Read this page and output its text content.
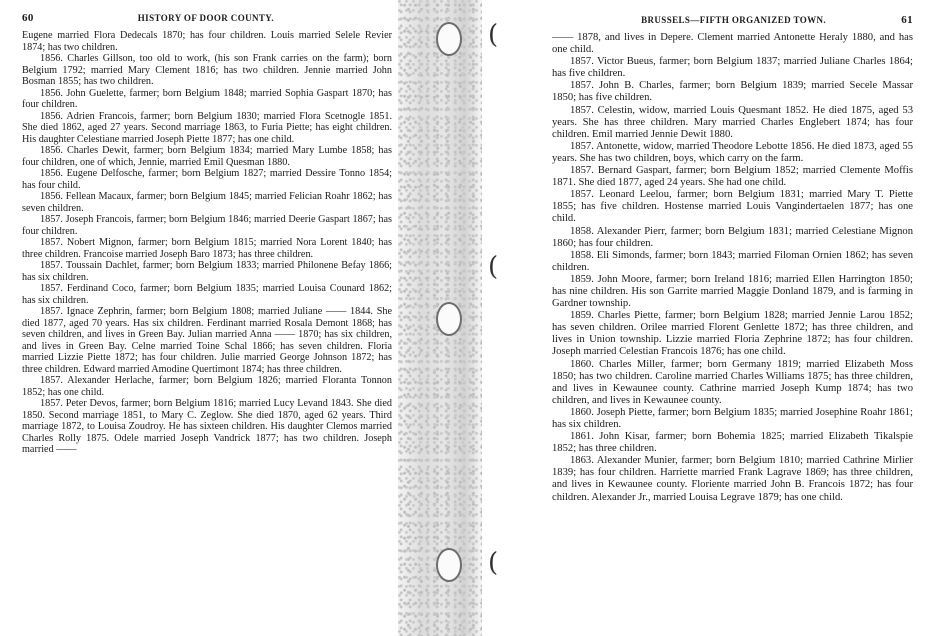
60	HISTORY OF DOOR COUNTY.

Eugene married Flora Dedecals 1870; has four children. Louis married Selele Revier 1874; has two children.

1856. Charles Gillson, too old to work, (his son Frank carries on the farm); born Belgium 1792; married Mary Clement 1816; has two children. Jennie married John Bosman 1855; has two children.

1856. John Guelette, farmer; born Belgium 1848; married Sophia Gaspart 1870; has four children.

1856. Adrien Francois, farmer; born Belgium 1830; married Flora Scetnogle 1851. She died 1862, aged 27 years. Second marriage 1863, to Furia Piette; has eight children. His daughter Celestiane married Joseph Piette 1877; has one child.

1856. Charles Dewit, farmer; born Belgium 1834; married Mary Lumbe 1858; has four children, one of which, Jennie, married Emil Quesman 1880.

1856. Eugene Delfosche, farmer; born Belgium 1827; married Dessire Tonno 1854; has four child.

1856. Fellean Macaux, farmer; born Belgium 1845; married Felician Roahr 1862; has seven children.

1857. Joseph Francois, farmer; born Belgium 1846; married Deerie Gaspart 1867; has four children.

1857. Nobert Mignon, farmer; born Belgium 1815; married Nora Lorent 1840; has three children. Francoise married Joseph Baro 1873; has three children.

1857. Toussain Dachlet, farmer; born Belgium 1833; married Philonene Befay 1866; has six children.

1857. Ferdinand Coco, farmer; born Belgium 1835; married Louisa Counard 1862; has six children.

1857. Ignace Zephrin, farmer; born Belgium 1808; married Juliane —— 1844. She died 1877, aged 70 years. Has six children. Ferdinant married Rosala Demont 1868; has seven children, and lives in Green Bay. Julian married Anna —— 1870; has six children, and lives in Green Bay. Celne married Toine Schal 1866; has seven children. Floria married Lizzie Piette 1872; has four children. Julie married George Johnson 1872; has three children. Edward married Amodine Quertimont 1874; has three children.

1857. Alexander Herlache, farmer; born Belgium 1826; married Floranta Tonnon 1852; has one child.

1857. Peter Devos, farmer; born Belgium 1816; married Lucy Levand 1843. She died 1850. Second marriage 1851, to Mary C. Zeglow. She died 1870, aged 62 years. Third marriage 1872, to Louisa Zoudroy. He has sixteen children. His daughter Clemos married Charles Rolly 1875. Odele married Joseph Vandrick 1877; has two children. Joseph married ——

(
(
(
BRUSSELS—FIFTH ORGANIZED TOWN.	61

—— 1878, and lives in Depere. Clement married Antonette Heraly 1880, and has one child.

1857. Victor Bueus, farmer; born Belgium 1837; married Juliane Charles 1864; has five children.

1857. John B. Charles, farmer; born Belgium 1839; married Secele Massar 1850; has five children.

1857. Celestin, widow, married Louis Quesmant 1852. He died 1875, aged 53 years. She has three children. Mary married Charles Englebert 1874; has four children. Emil married Jennie Dewit 1880.

1857. Antonette, widow, married Theodore Lebotte 1856. He died 1873, aged 55 years. She has two children, boys, which carry on the farm.

1857. Bernard Gaspart, farmer; born Belgium 1852; married Clemente Moffis 1871. She died 1877, aged 24 years. She had one child.

1857. Leonard Leelou, farmer; born Belgium 1831; married Mary T. Piette 1855; has five children. Hostense married Louis Vangindertaelen 1877; has one child.

1858. Alexander Pierr, farmer; born Belgium 1831; married Celestiane Mignon 1860; has four children.

1858. Eli Simonds, farmer; born 1843; married Filoman Ornien 1862; has seven children.

1859. John Moore, farmer; born Ireland 1816; married Ellen Harrington 1850; has nine children. His son Garrite married Maggie Donland 1879, and is farming in Gardner township.

1859. Charles Piette, farmer; born Belgium 1828; married Jennie Larou 1852; has seven children. Orilee married Florent Genlette 1872; has three children, and lives in Union township. Lizzie married Floria Zephrine 1872; has four children. Joseph married Celestian Francois 1876; has one child.

1860. Charles Miller, farmer; born Germany 1819; married Elizabeth Moss 1850; has two children. Caroline married Charles Williams 1875; has three children, and lives in Kewaunee county. Cathrine married Joseph Kump 1874; has two children, and lives in Kewaunee county.

1860. Joseph Piette, farmer; born Belgium 1835; married Josephine Roahr 1861; has six children.

1861. John Kisar, farmer; born Bohemia 1825; married Elizabeth Tikalspie 1852; has three children.

1863. Alexander Munier, farmer; born Belgium 1810; married Cathrine Mirlier 1839; has four children. Harriette married Frank Lagrave 1869; has three children, and lives in Kewaunee county. Floriente married John B. Francois 1872; has four children. Alexander Jr., married Louisa Legrave 1879; has one child.
